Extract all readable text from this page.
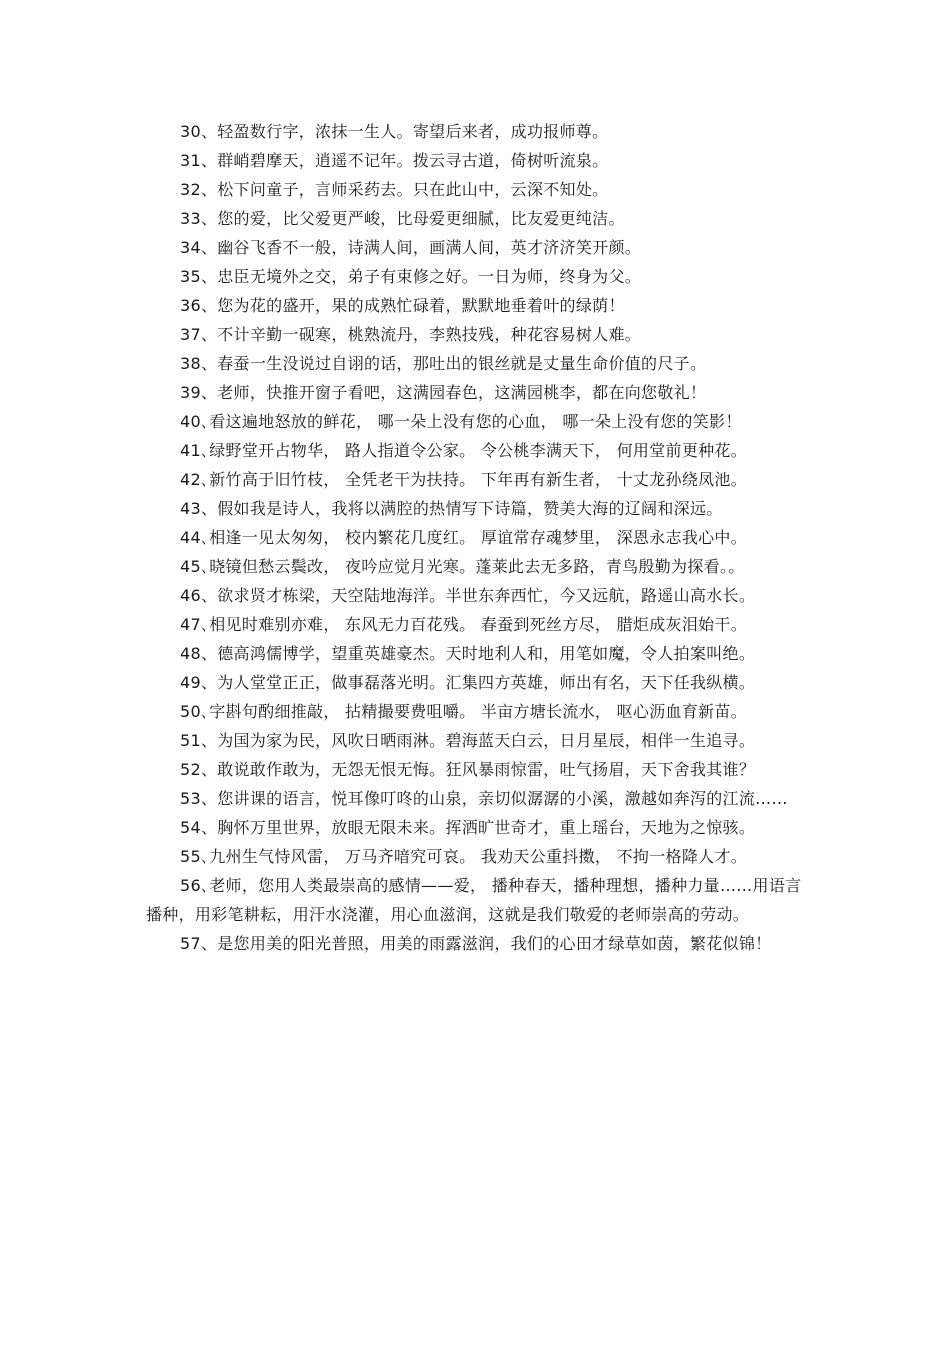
30、轻盈数行字，浓抹一生人。寄望后来者，成功报师尊。

31、群峭碧摩天，逍遥不记年。拨云寻古道，倚树听流泉。

32、松下问童子，言师采药去。只在此山中，云深不知处。

33、您的爱，比父爱更严峻，比母爱更细腻，比友爱更纯洁。

34、幽谷飞香不一般，诗满人间，画满人间，英才济济笑开颜。

35、忠臣无境外之交，弟子有束修之好。一日为师，终身为父。

36、您为花的盛开，果的成熟忙碌着，默默地垂着叶的绿荫！

37、不计辛勤一砚寒，桃熟流丹，李熟技残，种花容易树人难。

38、春蚕一生没说过自诩的话，那吐出的银丝就是丈量生命价值的尺子。

39、老师，快推开窗子看吧，这满园春色，这满园桃李，都在向您敬礼！

40､看这遍地怒放的鲜花， 哪一朵上没有您的心血， 哪一朵上没有您的笑影！

41､绿野堂开占物华， 路人指道令公家。 令公桃李满天下， 何用堂前更种花。

42､新竹高于旧竹枝， 全凭老干为扶持。 下年再有新生者， 十丈龙孙绕凤池。

43、假如我是诗人，我将以满腔的热情写下诗篇，赞美大海的辽阔和深远。

44､相逢一见太匆匆， 校内繁花几度红。 厚谊常存魂梦里， 深恩永志我心中。

45､晓镜但愁云鬓改， 夜吟应觉月光寒。蓬莱此去无多路，青鸟殷勤为探看。。

46、欲求贤才栋梁，天空陆地海洋。半世东奔西忙，今又远航，路遥山高水长。

47､相见时难别亦难， 东风无力百花残。 春蚕到死丝方尽， 腊炬成灰泪始干。

48、德高鸿儒博学，望重英雄豪杰。天时地利人和，用笔如魔，令人拍案叫绝。

49、为人堂堂正正，做事磊落光明。汇集四方英雄，师出有名，天下任我纵横。

50､字斟句酌细推敲， 拈精撮要费咀嚼。 半亩方塘长流水， 呕心沥血育新苗。

51、为国为家为民，风吹日晒雨淋。碧海蓝天白云，日月星辰，相伴一生追寻。

52、敢说敢作敢为，无怨无恨无悔。狂风暴雨惊雷，吐气扬眉，天下舍我其谁？

53、您讲课的语言，悦耳像叮咚的山泉，亲切似潺潺的小溪，激越如奔泻的江流……

54、胸怀万里世界，放眼无限未来。挥洒旷世奇才，重上瑶台，天地为之惊骇。

55､九州生气恃风雷， 万马齐喑究可哀。 我劝天公重抖擞， 不拘一格降人才。

56､老师，您用人类最崇高的感情——爱， 播种春天，播种理想，播种力量……用语言播种，用彩笔耕耘，用汗水浇灌，用心血滋润，这就是我们敬爱的老师崇高的劳动。

57、是您用美的阳光普照，用美的雨露滋润，我们的心田才绿草如茵，繁花似锦！
